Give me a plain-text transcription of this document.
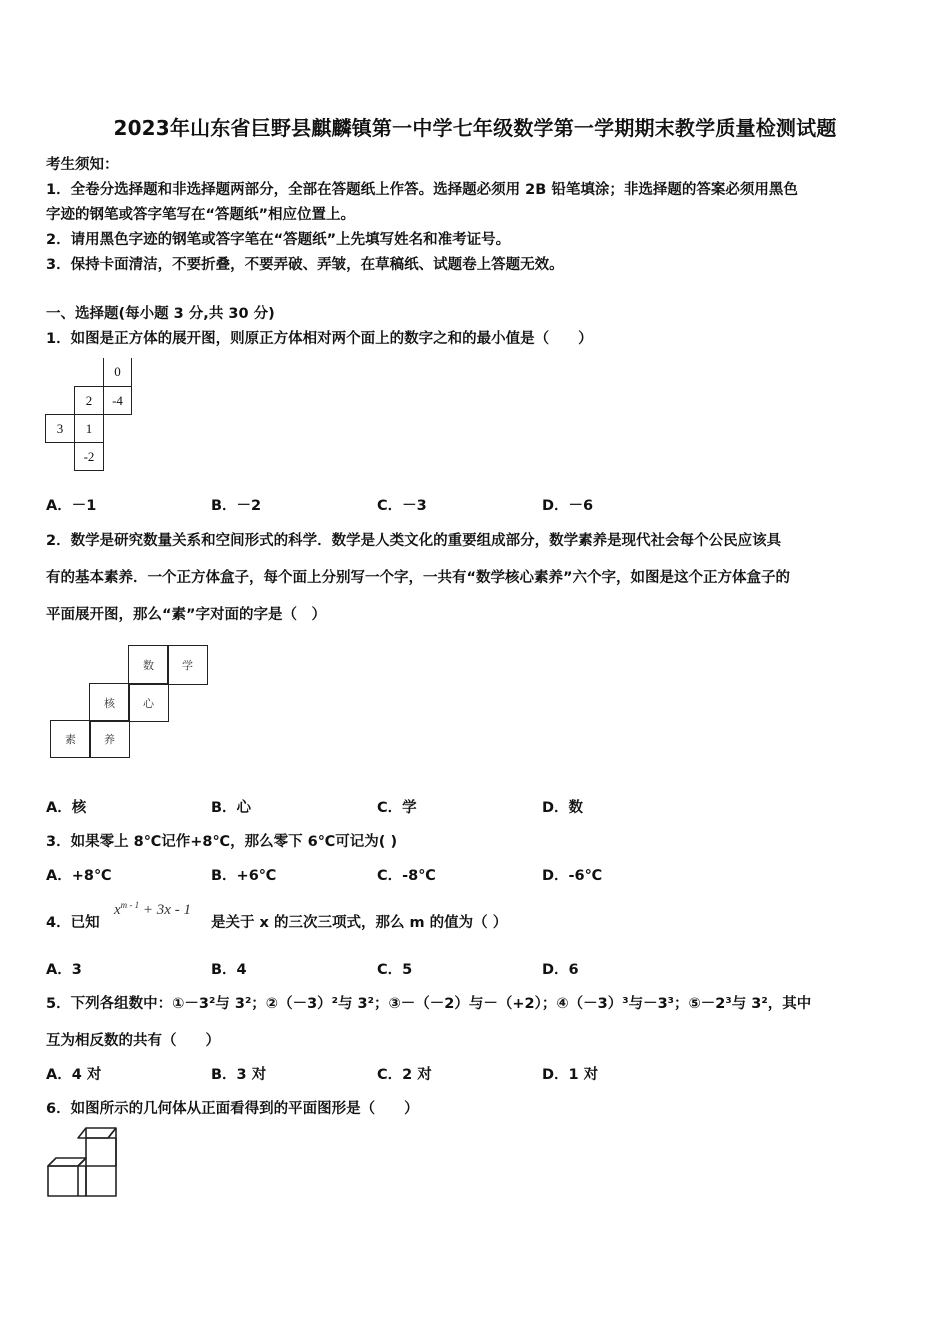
2023年山东省巨野县麒麟镇第一中学七年级数学第一学期期末教学质量检测试题
考生须知：
1．全卷分选择题和非选择题两部分，全部在答题纸上作答。选择题必须用 2B 铅笔填涂；非选择题的答案必须用黑色
字迹的钢笔或答字笔写在“答题纸”相应位置上。
2．请用黑色字迹的钢笔或答字笔在“答题纸”上先填写姓名和准考证号。
3．保持卡面清洁，不要折叠，不要弄破、弄皱，在草稿纸、试题卷上答题无效。
一、选择题(每小题 3 分,共 30 分)
1．如图是正方体的展开图，则原正方体相对两个面上的数字之和的最小值是（　　）
0
2	-4
3	1
-2
A．－1	B．－2	C．－3	D．－6
2．数学是研究数量关系和空间形式的科学．数学是人类文化的重要组成部分，数学素养是现代社会每个公民应该具
有的基本素养．一个正方体盒子，每个面上分别写一个字，一共有“数学核心素养”六个字，如图是这个正方体盒子的
平面展开图，那么“素”字对面的字是（　）
数	学
核	心
素	养
A．核	B．心	C．学	D．数
3．如果零上 8℃记作+8℃，那么零下 6℃可记为( )
A．+8℃	B．+6℃	C．-8℃	D．-6℃
4．已知
$x^{m - 1} + 3x - 1$
是关于 x 的三次三项式，那么 m 的值为（ ）
A．3	B．4	C．5	D．6
5．下列各组数中：①－3²与 3²；②（－3）²与 3²；③－（－2）与－（+2）；④（－3）³与－3³；⑤－2³与 3²，其中
互为相反数的共有（　　）
A．4 对	B．3 对	C．2 对	D．1 对
6．如图所示的几何体从正面看得到的平面图形是（　　）
